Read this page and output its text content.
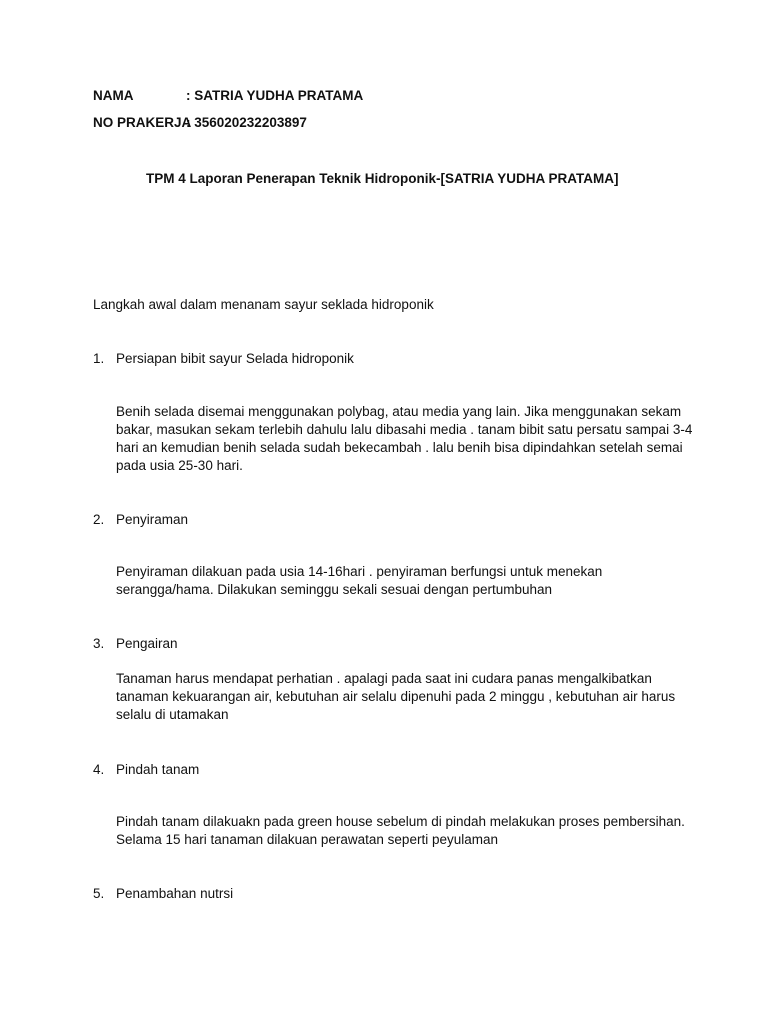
NAMA	: SATRIA YUDHA PRATAMA
NO PRAKERJA
: 356020232203897
TPM 4 Laporan Penerapan Teknik Hidroponik-[SATRIA YUDHA PRATAMA]
Langkah awal dalam menanam sayur seklada hidroponik
1. Persiapan bibit sayur Selada hidroponik
Benih selada disemai menggunakan polybag, atau media yang lain. Jika menggunakan sekam
bakar, masukan sekam terlebih dahulu lalu dibasahi media . tanam bibit satu persatu sampai 3-4
hari an kemudian benih selada sudah bekecambah . lalu benih bisa dipindahkan setelah semai
pada usia 25-30 hari.
2. Penyiraman
Penyiraman dilakuan pada usia 14-16hari . penyiraman berfungsi untuk menekan
serangga/hama. Dilakukan seminggu sekali sesuai dengan pertumbuhan
3. Pengairan
Tanaman harus mendapat perhatian . apalagi pada saat ini cudara panas mengalkibatkan
tanaman kekuarangan air, kebutuhan air selalu dipenuhi pada 2 minggu , kebutuhan air harus
selalu di utamakan
4. Pindah tanam
Pindah tanam dilakuakn pada green house sebelum di pindah melakukan proses pembersihan.
Selama 15 hari tanaman dilakuan perawatan seperti peyulaman
5. Penambahan nutrsi
